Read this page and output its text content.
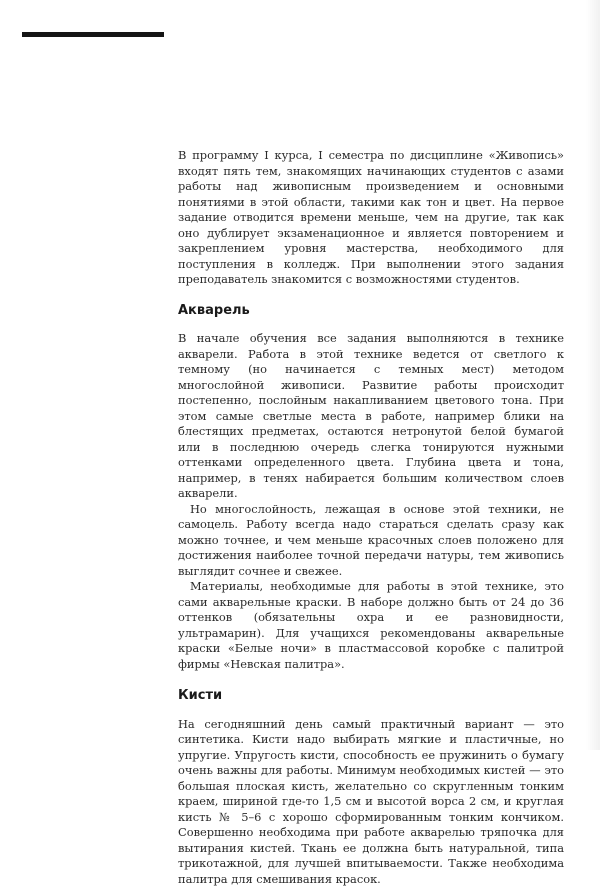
В программу I курса, I семестра по дисциплине «Живопись» входят пять тем, знакомящих начинающих студентов с азами работы над живописным произведением и основными понятиями в этой области, такими как тон и цвет. На первое задание отводится времени меньше, чем на другие, так как оно дублирует экзаменационное и является повторением и закреплением уровня мастерства, необходимого для поступления в колледж. При выполнении этого задания преподаватель знакомится с возможностями студентов.

Акварель

В начале обучения все задания выполняются в технике акварели. Работа в этой технике ведется от светлого к темному (но начинается с темных мест) методом многослойной живописи. Развитие работы происходит постепенно, послойным накапливанием цветового тона. При этом самые светлые места в работе, например блики на блестящих предметах, остаются нетронутой белой бумагой или в последнюю очередь слегка тонируются нужными оттенками определенного цвета. Глубина цвета и тона, например, в тенях набирается большим количеством слоев акварели.

Но многослойность, лежащая в основе этой техники, не самоцель. Работу всегда надо стараться сделать сразу как можно точнее, и чем меньше красочных слоев положено для достижения наиболее точной передачи натуры, тем живопись выглядит сочнее и свежее.

Материалы, необходимые для работы в этой технике, это сами акварельные краски. В наборе должно быть от 24 до 36 оттенков (обязательны охра и ее разновидности, ультрамарин). Для учащихся рекомендованы акварельные краски «Белые ночи» в пластмассовой коробке с палитрой фирмы «Невская палитра».

Кисти

На сегодняшний день самый практичный вариант — это синтетика. Кисти надо выбирать мягкие и пластичные, но упругие. Упругость кисти, способность ее пружинить о бумагу очень важны для работы. Минимум необходимых кистей — это большая плоская кисть, желательно со скругленным тонким краем, шириной где-то 1,5 см и высотой ворса 2 см, и круглая кисть № 5–6 с хорошо сформированным тонким кончиком. Совершенно необходима при работе акварелью тряпочка для вытирания кистей. Ткань ее должна быть натуральной, типа трикотажной, для лучшей впитываемости. Также необходима палитра для смешивания красок.
